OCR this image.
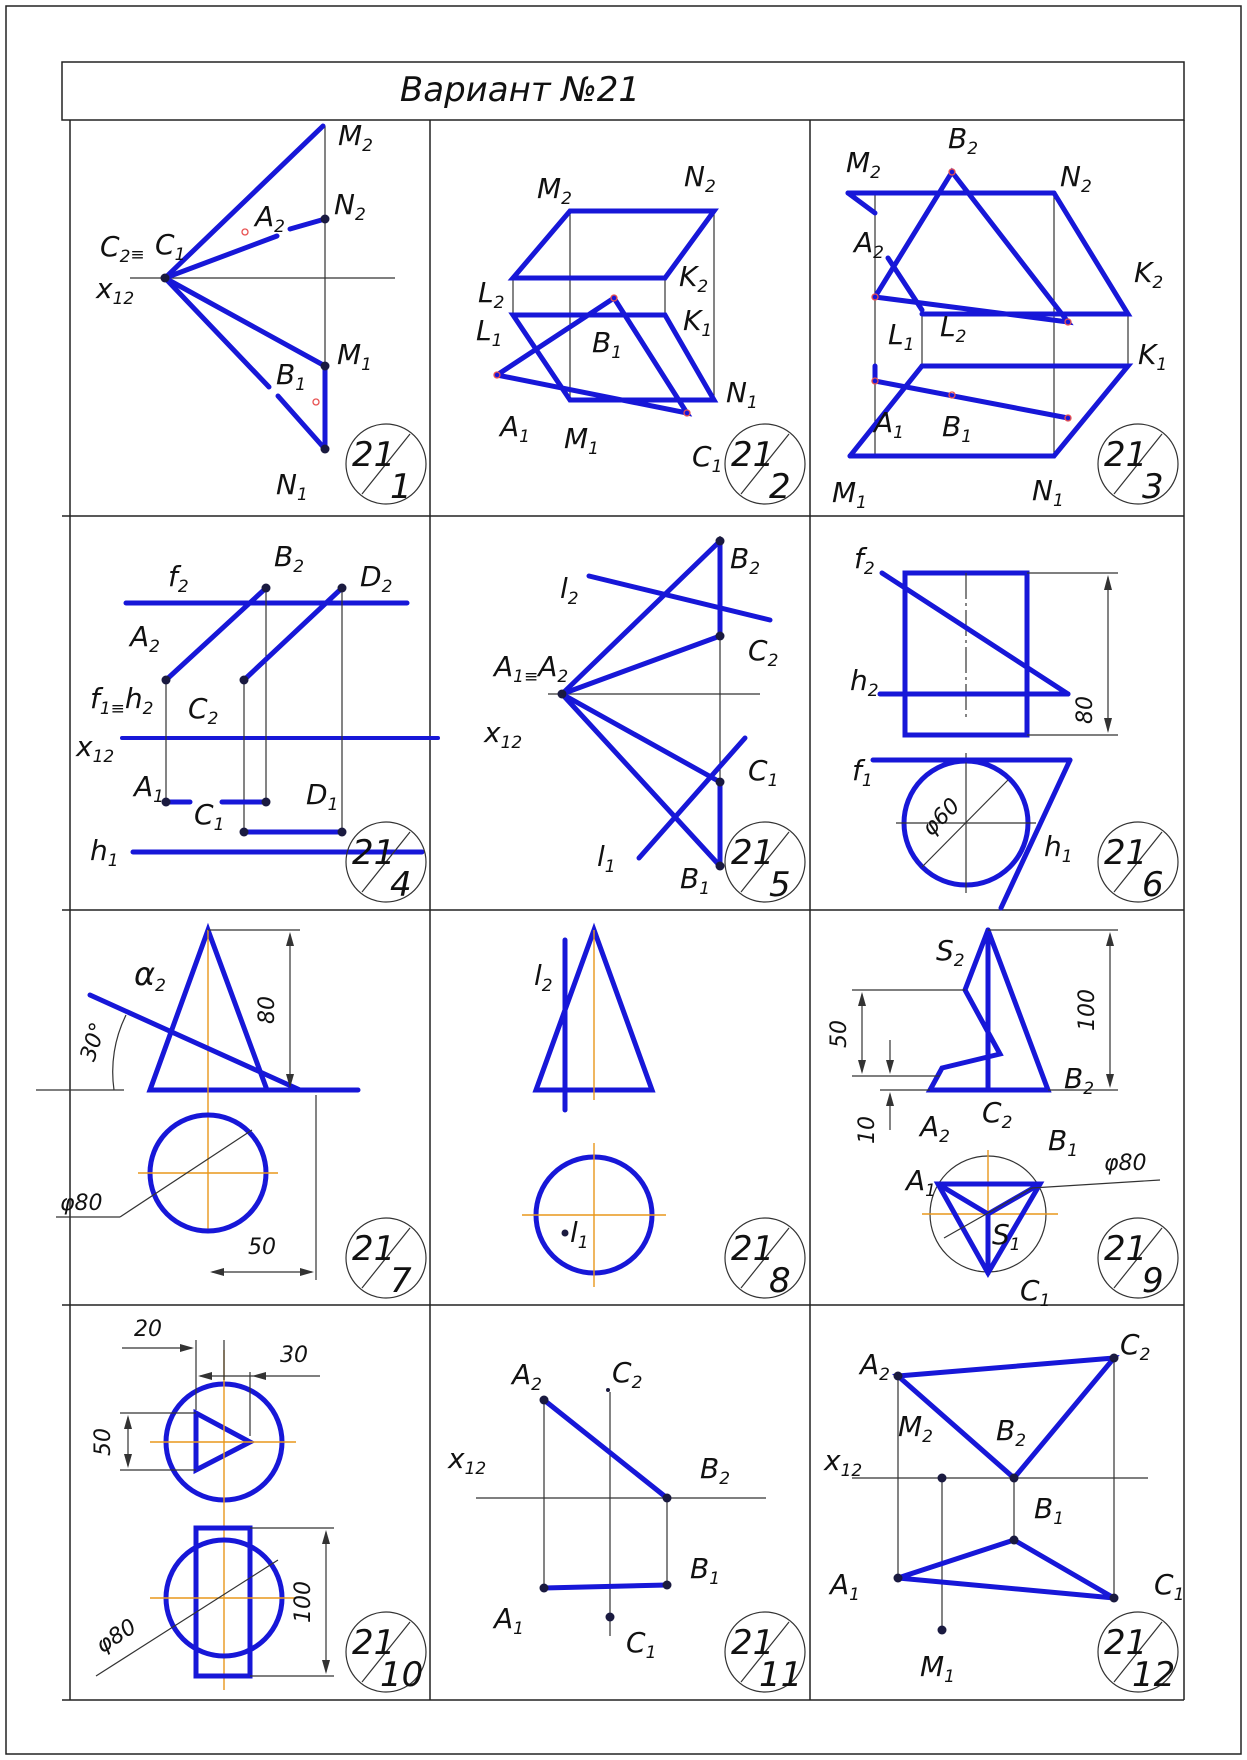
Вариант №21
$M_2$
$N_2$
$A_2$
$C_2\equiv C_1$
$x_{12}$
$M_1$
$B_1$
$N_1$
21
1
$M_2$
$N_2$
$L_2$
$K_2$
$L_1$
$K_1$
$B_1$
$N_1$
$A_1$ $M_1$	$C_1$ 21
2
$M_2$
$B_2$
$N_2$
$A_2$
$K_2$
$L_1$
$L_2$
$K_1$
$A_1$ $B_1$
$M_1$	$N_1$
21
3
$f_2$
$B_2$ $D_2$
$A_2$
$f_{1\equiv}h_2$ $C_2$
$x_{12}$
$A_1$
$C_1$
$D_1$
$h_1$	21
4
$B_2$
$l_2$
$C_2$
$A_{1\equiv}A_2$
$x_{12}$
$C_1$
$l_1$ $B_1$
21
5
80
φ60
$f_2$
$h_2$
$f_1$
$h_1$ 21
6
80
30°
φ80
50
α2
21
7
$l_2$
$l_1$	21
8
100
50
10
φ80
$S_2$
$B_2$
$A_2$
$C_2$
$B_1$
$A_1$
$S_1$
$C_1$
21
9
20
30
50
φ80
100
21
10
$A_2$	$C_2$
$x_{12}$	$B_2$
$B_1$
$A_1$	$C_1$ 21
11
$A_2$
$C_2$
$M_2$ $B_2$
$x_{12}$
$B_1$
$A_1$	$C_1$
$M_1$
21
12
